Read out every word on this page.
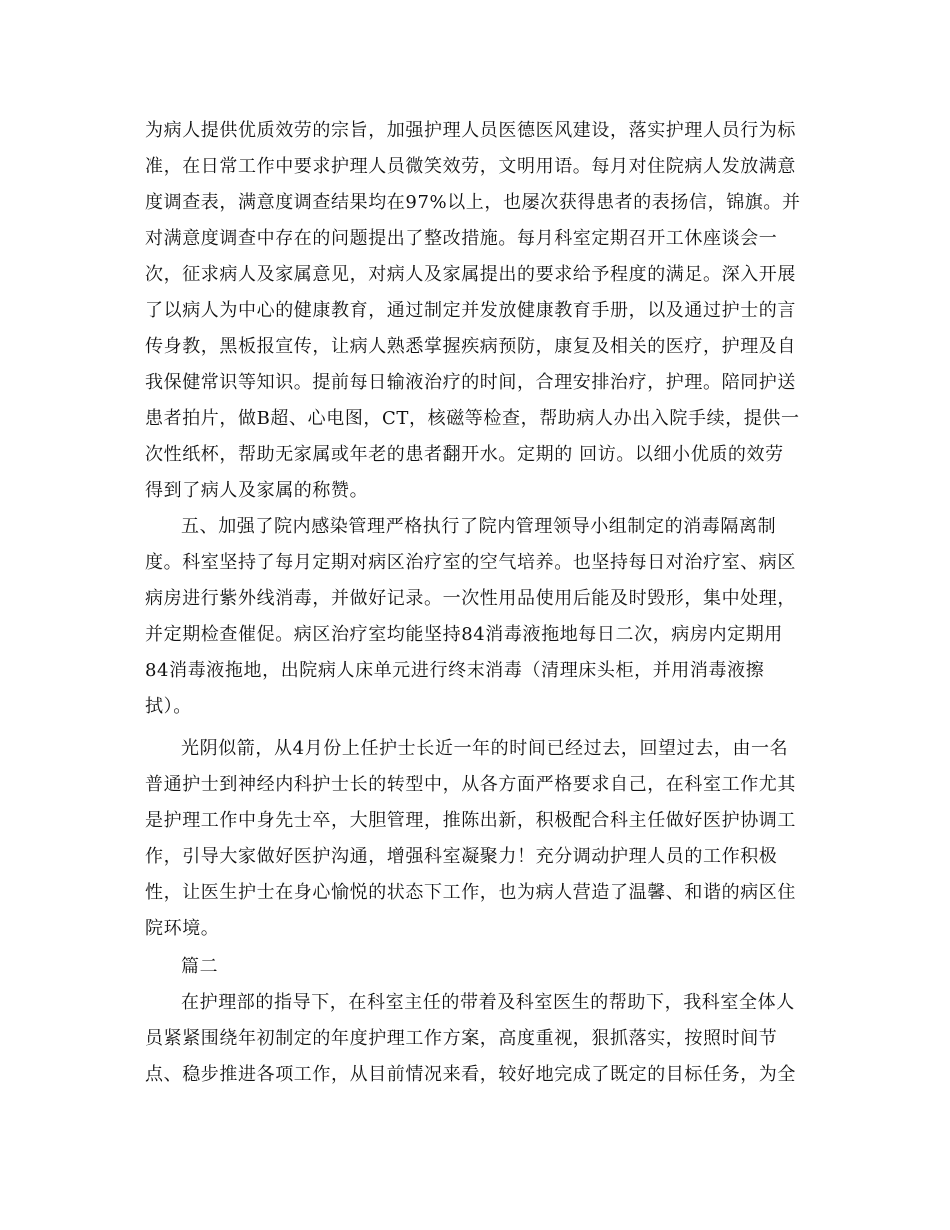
为病人提供优质效劳的宗旨，加强护理人员医德医风建设，落实护理人员行为标
准，在日常工作中要求护理人员微笑效劳，文明用语。每月对住院病人发放满意
度调查表，满意度调查结果均在97%以上，也屡次获得患者的表扬信，锦旗。并
对满意度调查中存在的问题提出了整改措施。每月科室定期召开工休座谈会一
次，征求病人及家属意见，对病人及家属提出的要求给予程度的满足。深入开展
了以病人为中心的健康教育，通过制定并发放健康教育手册，以及通过护士的言
传身教，黑板报宣传，让病人熟悉掌握疾病预防，康复及相关的医疗，护理及自
我保健常识等知识。提前每日输液治疗的时间，合理安排治疗，护理。陪同护送
患者拍片，做B超、心电图，CT，核磁等检查，帮助病人办出入院手续，提供一
次性纸杯，帮助无家属或年老的患者翻开水。定期的 回访。以细小优质的效劳
得到了病人及家属的称赞。
五、加强了院内感染管理严格执行了院内管理领导小组制定的消毒隔离制
度。科室坚持了每月定期对病区治疗室的空气培养。也坚持每日对治疗室、病区
病房进行紫外线消毒，并做好记录。一次性用品使用后能及时毁形，集中处理，
并定期检查催促。病区治疗室均能坚持84消毒液拖地每日二次，病房内定期用
84消毒液拖地，出院病人床单元进行终末消毒（清理床头柜，并用消毒液擦
拭）。
光阴似箭，从4月份上任护士长近一年的时间已经过去，回望过去，由一名
普通护士到神经内科护士长的转型中，从各方面严格要求自己，在科室工作尤其
是护理工作中身先士卒，大胆管理，推陈出新，积极配合科主任做好医护协调工
作，引导大家做好医护沟通，增强科室凝聚力！充分调动护理人员的工作积极
性，让医生护士在身心愉悦的状态下工作，也为病人营造了温馨、和谐的病区住
院环境。
篇二
在护理部的指导下，在科室主任的带着及科室医生的帮助下，我科室全体人
员紧紧围绕年初制定的年度护理工作方案，高度重视，狠抓落实，按照时间节
点、稳步推进各项工作，从目前情况来看，较好地完成了既定的目标任务，为全
